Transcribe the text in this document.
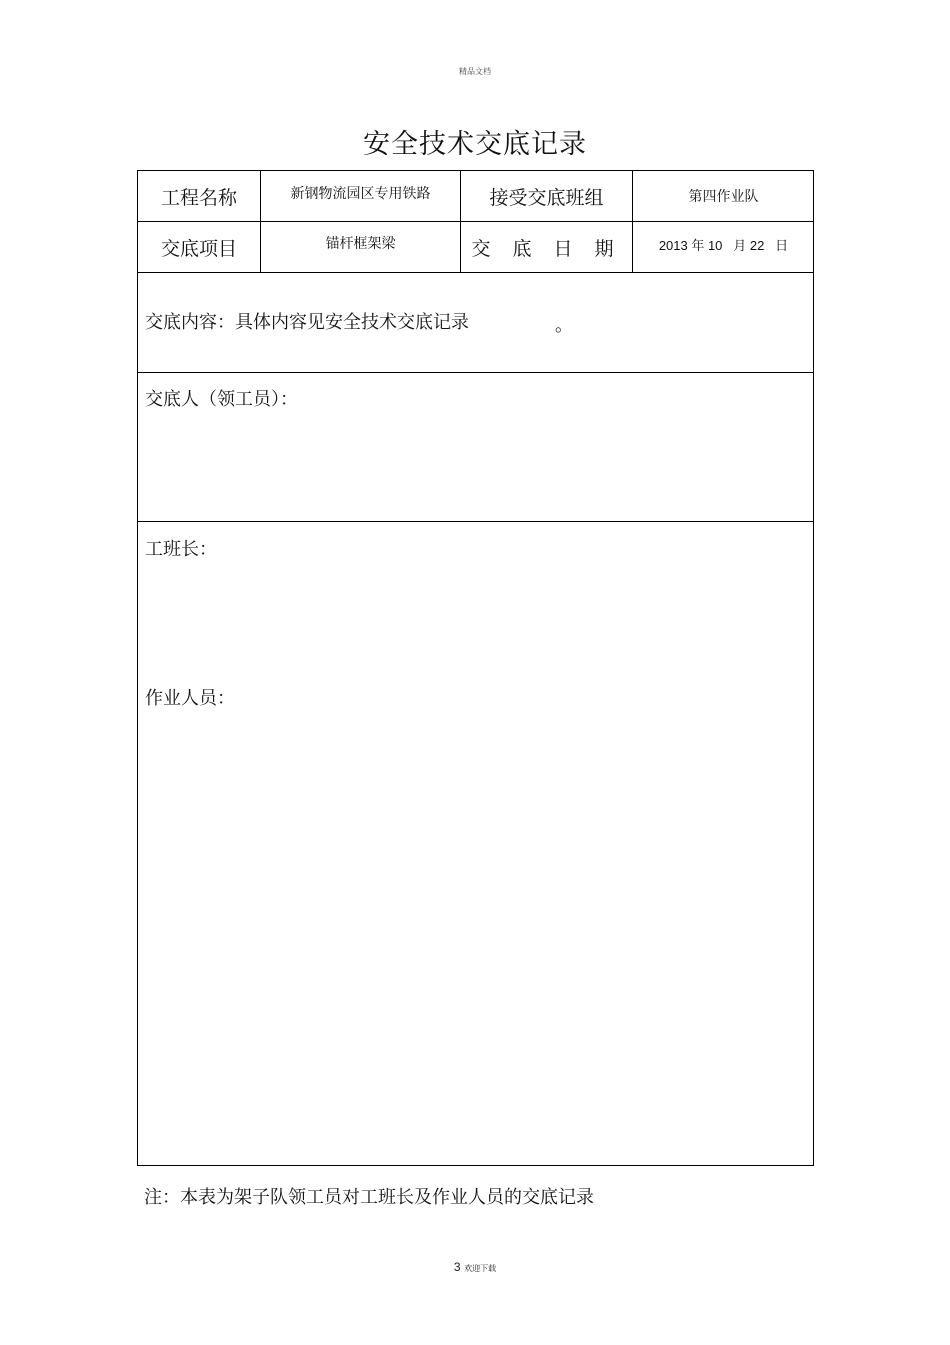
精品文档
安全技术交底记录
工程名称	新钢物流园区专用铁路	接受交底班组	第四作业队
交底项目	锚杆框架梁	交 底 日 期	2013 年 10   月 22   日
交底内容：具体内容见安全技术交底记录	。
交底人（领工员）：
工班长：
作业人员：
注：本表为架子队领工员对工班长及作业人员的交底记录
3 欢迎下载
